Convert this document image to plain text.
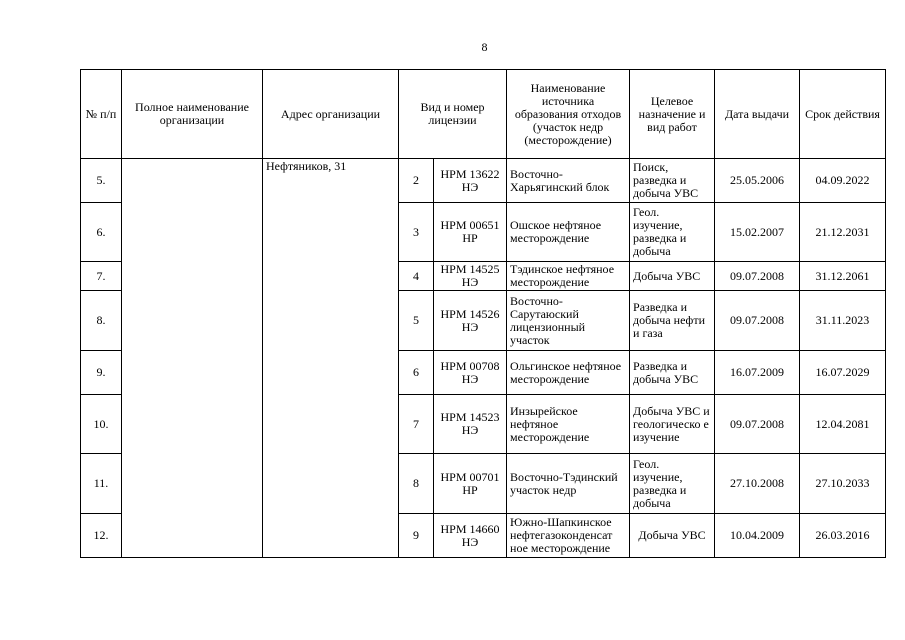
8
№ п/п	Полное наименование организации	Адрес организации	Вид и номер лицензии		Наименование источника образования отходов (участок недр (месторождение)	Целевое назначение и вид работ	Дата выдачи	Срок действия
5.		Нефтяников, 31	2	НРМ 13622 НЭ	Восточно-Харьягинский блок	Поиск, разведка и добыча УВС	25.05.2006	04.09.2022
6.			3	НРМ 00651 НР	Ошское нефтяное месторождение	Геол. изучение, разведка и добыча	15.02.2007	21.12.2031
7.			4	НРМ 14525 НЭ	Тэдинское нефтяное месторождение	Добыча УВС	09.07.2008	31.12.2061
8.			5	НРМ 14526 НЭ	Восточно-Сарутаюский лицензионный участок	Разведка и добыча нефти и газа	09.07.2008	31.11.2023
9.			6	НРМ 00708 НЭ	Ольгинское нефтяное месторождение	Разведка и добыча УВС	16.07.2009	16.07.2029
10.			7	НРМ 14523 НЭ	Инзырейское нефтяное месторождение	Добыча УВС и геологическо е изучение	09.07.2008	12.04.2081
11.			8	НРМ 00701 НР	Восточно-Тэдинский участок недр	Геол. изучение, разведка и добыча	27.10.2008	27.10.2033
12.			9	НРМ 14660 НЭ	Южно-Шапкинское нефтегазоконденсат ное месторождение	Добыча УВС	10.04.2009	26.03.2016
